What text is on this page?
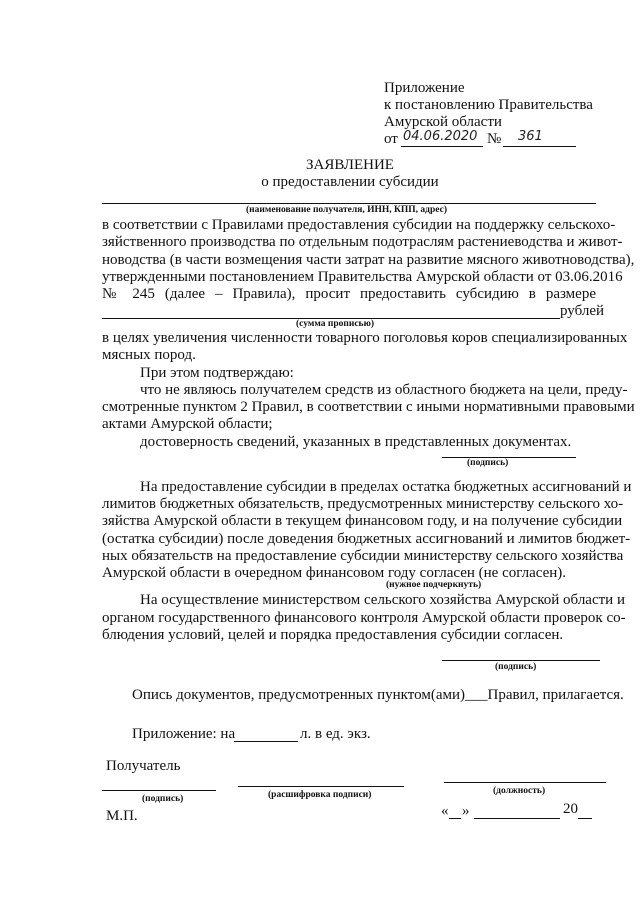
Приложение
к постановлению Правительства
Амурской области
от 04.06.2020 № 361
ЗАЯВЛЕНИЕ
о предоставлении субсидии
(наименование получателя, ИНН, КПП, адрес)
в соответствии с Правилами предоставления субсидии на поддержку сельскохо-
зяйственного производства по отдельным подотраслям растениеводства и живот-
новодства (в части возмещения части затрат на развитие мясного животноводства),
утвержденными постановлением Правительства Амурской области от 03.06.2016
№ 245 (далее – Правила), просит предоставить субсидию в размере
рублей
(сумма прописью)
в целях увеличения численности товарного поголовья коров специализированных
мясных пород.
При этом подтверждаю:
что не являюсь получателем средств из областного бюджета на цели, преду-
смотренные пунктом 2 Правил, в соответствии с иными нормативными правовыми
актами Амурской области;
достоверность сведений, указанных в представленных документах.
(подпись)
На предоставление субсидии в пределах остатка бюджетных ассигнований и
лимитов бюджетных обязательств, предусмотренных министерству сельского хо-
зяйства Амурской области в текущем финансовом году, и на получение субсидии
(остатка субсидии) после доведения бюджетных ассигнований и лимитов бюджет-
ных обязательств на предоставление субсидии министерству сельского хозяйства
Амурской области в очередном финансовом году согласен (не согласен).
(нужное подчеркнуть)
На осуществление министерством сельского хозяйства Амурской области и
органом государственного финансового контроля Амурской области проверок со-
блюдения условий, целей и порядка предоставления субсидии согласен.
(подпись)
Опись документов, предусмотренных пунктом(ами)___Правил, прилагается.
Приложение: на	л. в ед. экз.
Получатель
(подпись)	(расшифровка подписи)	(должность)
М.П.	« »	20
